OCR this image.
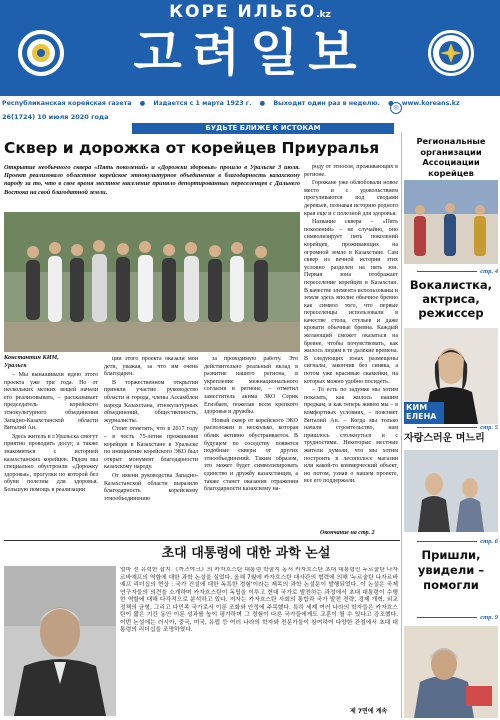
КОРЕ ИЛЬБО.kz
고려일보
Республиканская корейская газета ● Издается с 1 марта 1923 г. ● Выходит один раз в неделю. ● www.koreans.kz
◎
26(1724) 10 июля 2020 года
БУДЬТЕ БЛИЖЕ К ИСТОКАМ
Сквер и дорожка от корейцев Приуралья
Открытие необычного сквера «Пять поколений» и «Дорожки здоровья» прошло в Уральске 3 июля. Проект реализовало областное корейское этнокультурное объединение в благодарность казахскому народу за то, что в свое время местное население приняло депортированных переселенцев с Дальнего Востока на свой благодатной земли.
Константин КИМ, Уральск

– Мы вынашивали идею этого проекта уже три года. Но от нескольких мелких вещей начали его реализовывать, – рассказывает председатель корейского этнокультурного объединения Западно-Казахстанской области Виталий Ан.

Здесь житель в г.Уральска смогут приятно проводить досуг, а также знакомиться с историей казахстанских корейцев. Рядом мы специально обустроили «Дорожку здоровья», прогулки по которой без обуви полезны для здоровья. Большую помощь в реализации

ции этого проекта оказали мои дети, уважая, за что им очень благодарен.

В торжественном открытии приняли участие руководство области и города, члены Ассамблеи народа Казахстана, этнокультурных объединений, общественность, журналисты.

Стоит отметить, что в 2017 году – в честь 75-летия проживания корейцев в Казахстане в Уральске по инициативе корейского ЭКО был открыт монумент благодарности казахскому народу.

От имени руководства Западно-Казахстанской области выразило благодарность корейскому этнообъединению

за проводимую работу. Это действительно реальный вклад в развитие нашего региона, в укрепление межнационального согласия в регионе, – отметил заместитель акима ЗКО Серик Егизбаев, пожелав всем крепкого здоровья и дружбы.

Новый сквер от корейского ЭКО расположен в несколько, которая облик активно обустраивается. В будущем по соседству появятся подобные скверы от других этнообъединений. Таким образом, это может будет символизировать единство и дружбу казахстанцев, а также станет оказания отражения благодарности казахскому на-

роду от этносов, проживающих в регионе.

Горожане уже облюбовали новое место и с удовольствием прогуливаются под сводами деревьев, познавая историю родного края еще и с полезной для здоровья.

Название сквера – «Пять поколений» – не случайно, оно символизирует пять поколений корейцев, проживающих на огромной земле в Казахстане. Сам сквер из вечной истории этих условно разделен на пять зон. Первая зона отображает переселение корейцев в Казахстан. В качестве элемента использованы и земля здесь вполне обычное бревно как символ того, что первые переселенцы использовали в качестве стола, стульев и даже кровати обычные бревна. Каждый желающий сможет оказаться на бревне, чтобы почувствовать, как жилось людям в те далекие времена. В следующих зонах размещены сигналы, закончив без синяка, а потом уже красивые скамейки, на которых можно удобно посидеть.

– То есть по задумке мы хотим показать, как жилось нашим предкам, и как теперь живем мы – в комфортных условиях, – поясняет Виталий Ан. – Когда мы только начали строительство, нам пришлось столкнуться и с трудностями. Некоторые местные жители думали, что мы хотим построить в лесополосе магазин или какой-то коммерческий объект, но потом, узнав о нашем проекте, все его поддержали.

Окончание на стр. 2
초대 대통령에 대한 과학 논설
얼마 전 유력한 잡지 《까즈야크》의 카자흐스탄 대통령 학술지 동서 카자흐스탄 초대 대통령인 누르술탄 나자르바예프의 역할에 대한 과학 논설을 실었다. 올해 7월에 카자흐스탄 대사관의 협력에 의해 '누르술탄 나자르바예프 리더십의 현상 : 국가 건설에 대한 독특한 경험'이라는 제목의 과학 논설문이 발행되었다. 이 논설은 국제 연구자들의 의견을 소개하며 카자흐스탄이 독립을 이루고 현대 국가로 발전하는 과정에서 초대 대통령이 수행한 역할에 대해 다각적으로 분석하고 있다. 저자는 카자흐스탄 사회의 통합과 국가 발전 전략, 경제 개혁, 외교 정책의 균형, 그리고 다민족 국가로서 이룬 조화와 안정에 주목했다. 특히 세계 여러 나라의 학자들은 카자흐스탄이 짧은 기간 동안 이룬 성과를 높이 평가하며 그 경험이 다른 국가들에게도 교훈이 될 수 있다고 강조했다. 이번 논설에는 러시아, 중국, 미국, 유럽 등 여러 나라의 학자와 전문가들이 참여하여 다양한 관점에서 초대 대통령의 리더십을 조명하였다.
제 7면에 계속
Региональные организации Ассоциации корейцев
стр. 4
Вокалистка, актриса, режиссер
КИМ ЕЛЕНА
стр. 5
자랑스러운 며느리
стр. 6
Пришли, увидели – помогли
стр. 9
